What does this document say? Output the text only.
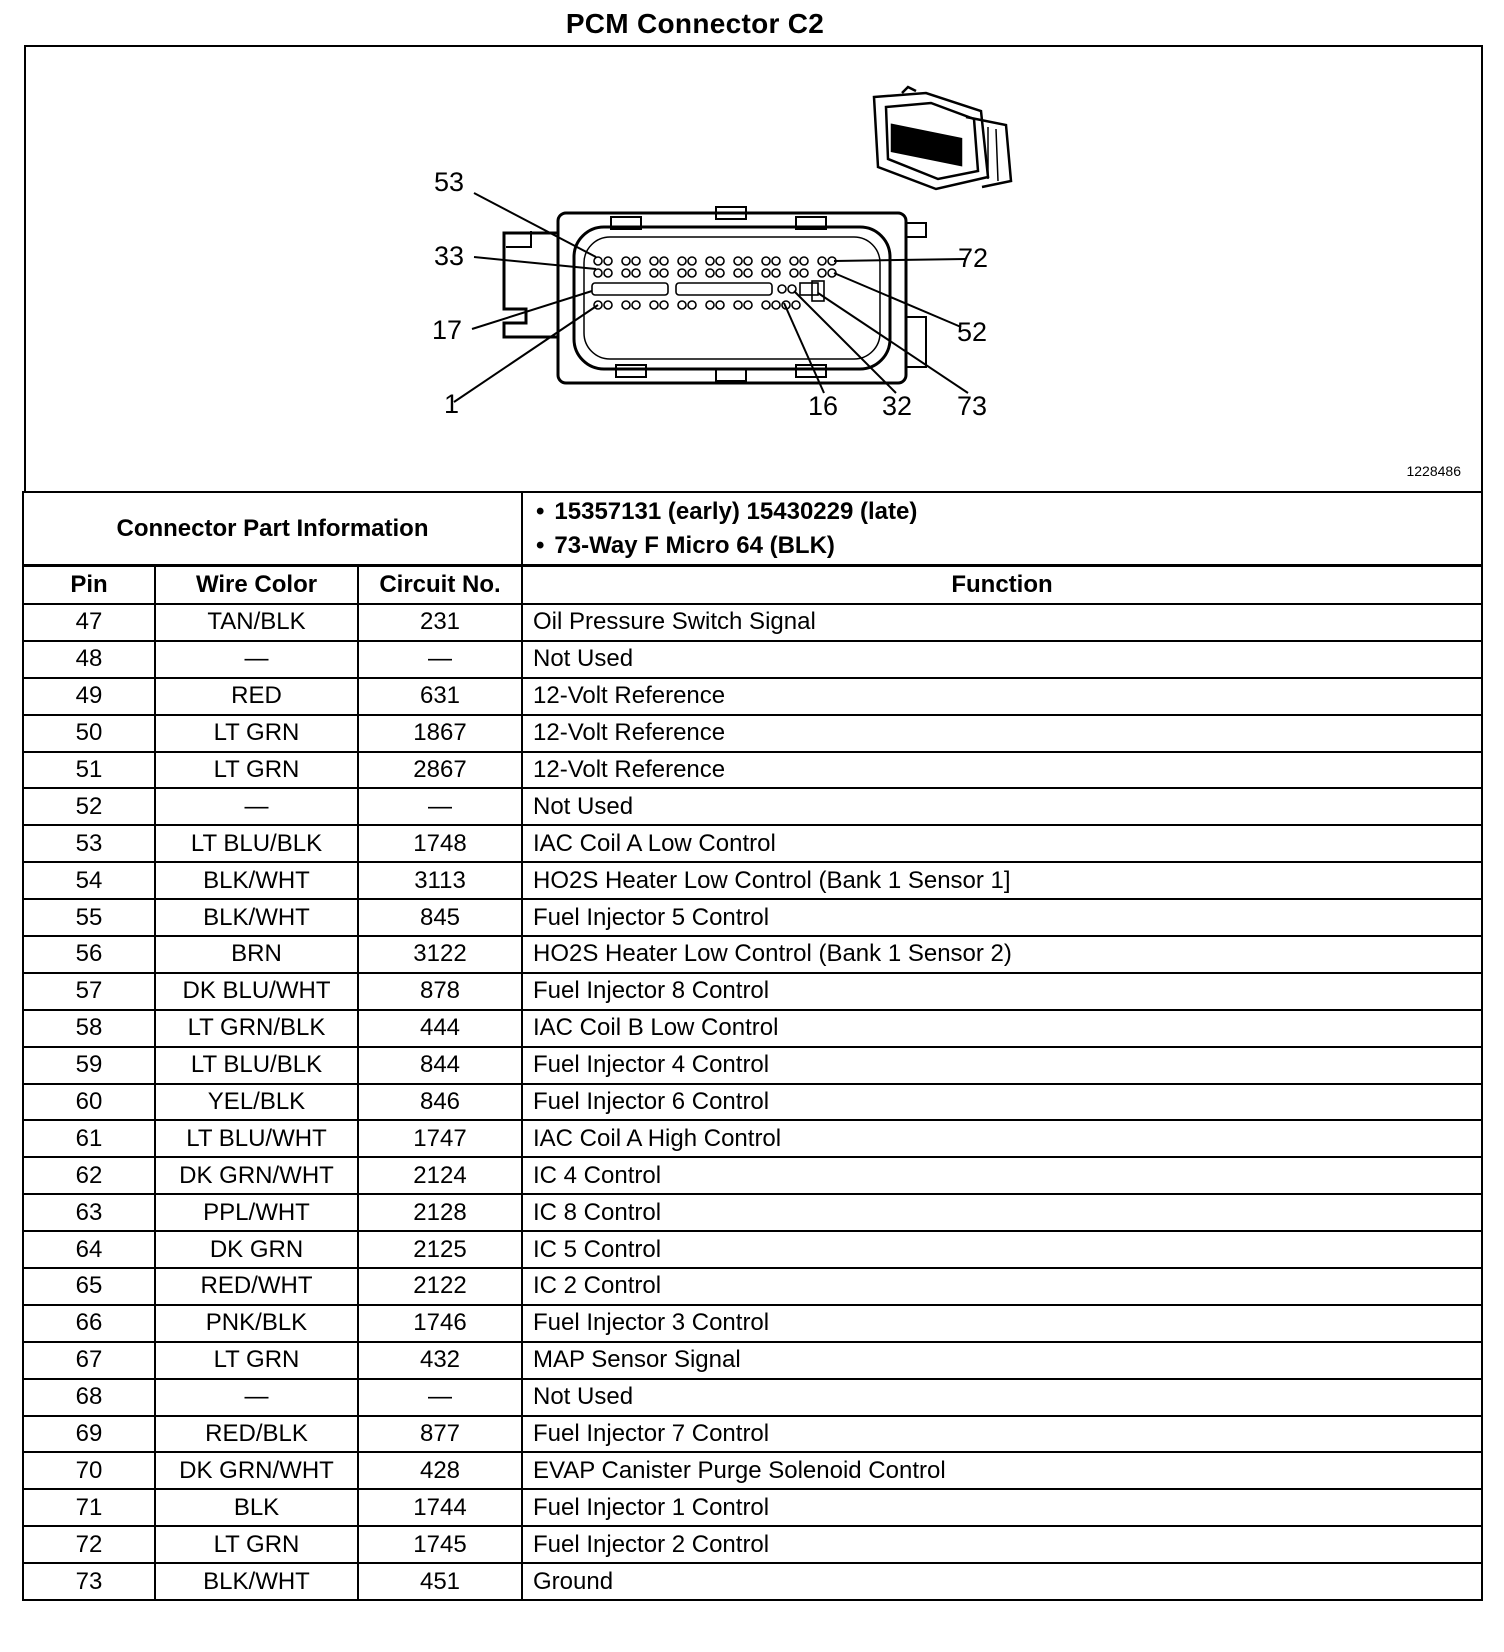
PCM Connector C2
53
33
17
1
72
52
16 32 73
1228486
Connector Part Information	
• 15357131 (early) 15430229 (late)
• 73-Way F Micro 64 (BLK)
Pin	Wire Color	Circuit No.	Function
47	TAN/BLK	231	Oil Pressure Switch Signal
48	—	—	Not Used
49	RED	631	12-Volt Reference
50	LT GRN	1867	12-Volt Reference
51	LT GRN	2867	12-Volt Reference
52	—	—	Not Used
53	LT BLU/BLK	1748	IAC Coil A Low Control
54	BLK/WHT	3113	HO2S Heater Low Control (Bank 1 Sensor 1]
55	BLK/WHT	845	Fuel Injector 5 Control
56	BRN	3122	HO2S Heater Low Control (Bank 1 Sensor 2)
57	DK BLU/WHT	878	Fuel Injector 8 Control
58	LT GRN/BLK	444	IAC Coil B Low Control
59	LT BLU/BLK	844	Fuel Injector 4 Control
60	YEL/BLK	846	Fuel Injector 6 Control
61	LT BLU/WHT	1747	IAC Coil A High Control
62	DK GRN/WHT	2124	IC 4 Control
63	PPL/WHT	2128	IC 8 Control
64	DK GRN	2125	IC 5 Control
65	RED/WHT	2122	IC 2 Control
66	PNK/BLK	1746	Fuel Injector 3 Control
67	LT GRN	432	MAP Sensor Signal
68	—	—	Not Used
69	RED/BLK	877	Fuel Injector 7 Control
70	DK GRN/WHT	428	EVAP Canister Purge Solenoid Control
71	BLK	1744	Fuel Injector 1 Control
72	LT GRN	1745	Fuel Injector 2 Control
73	BLK/WHT	451	Ground
